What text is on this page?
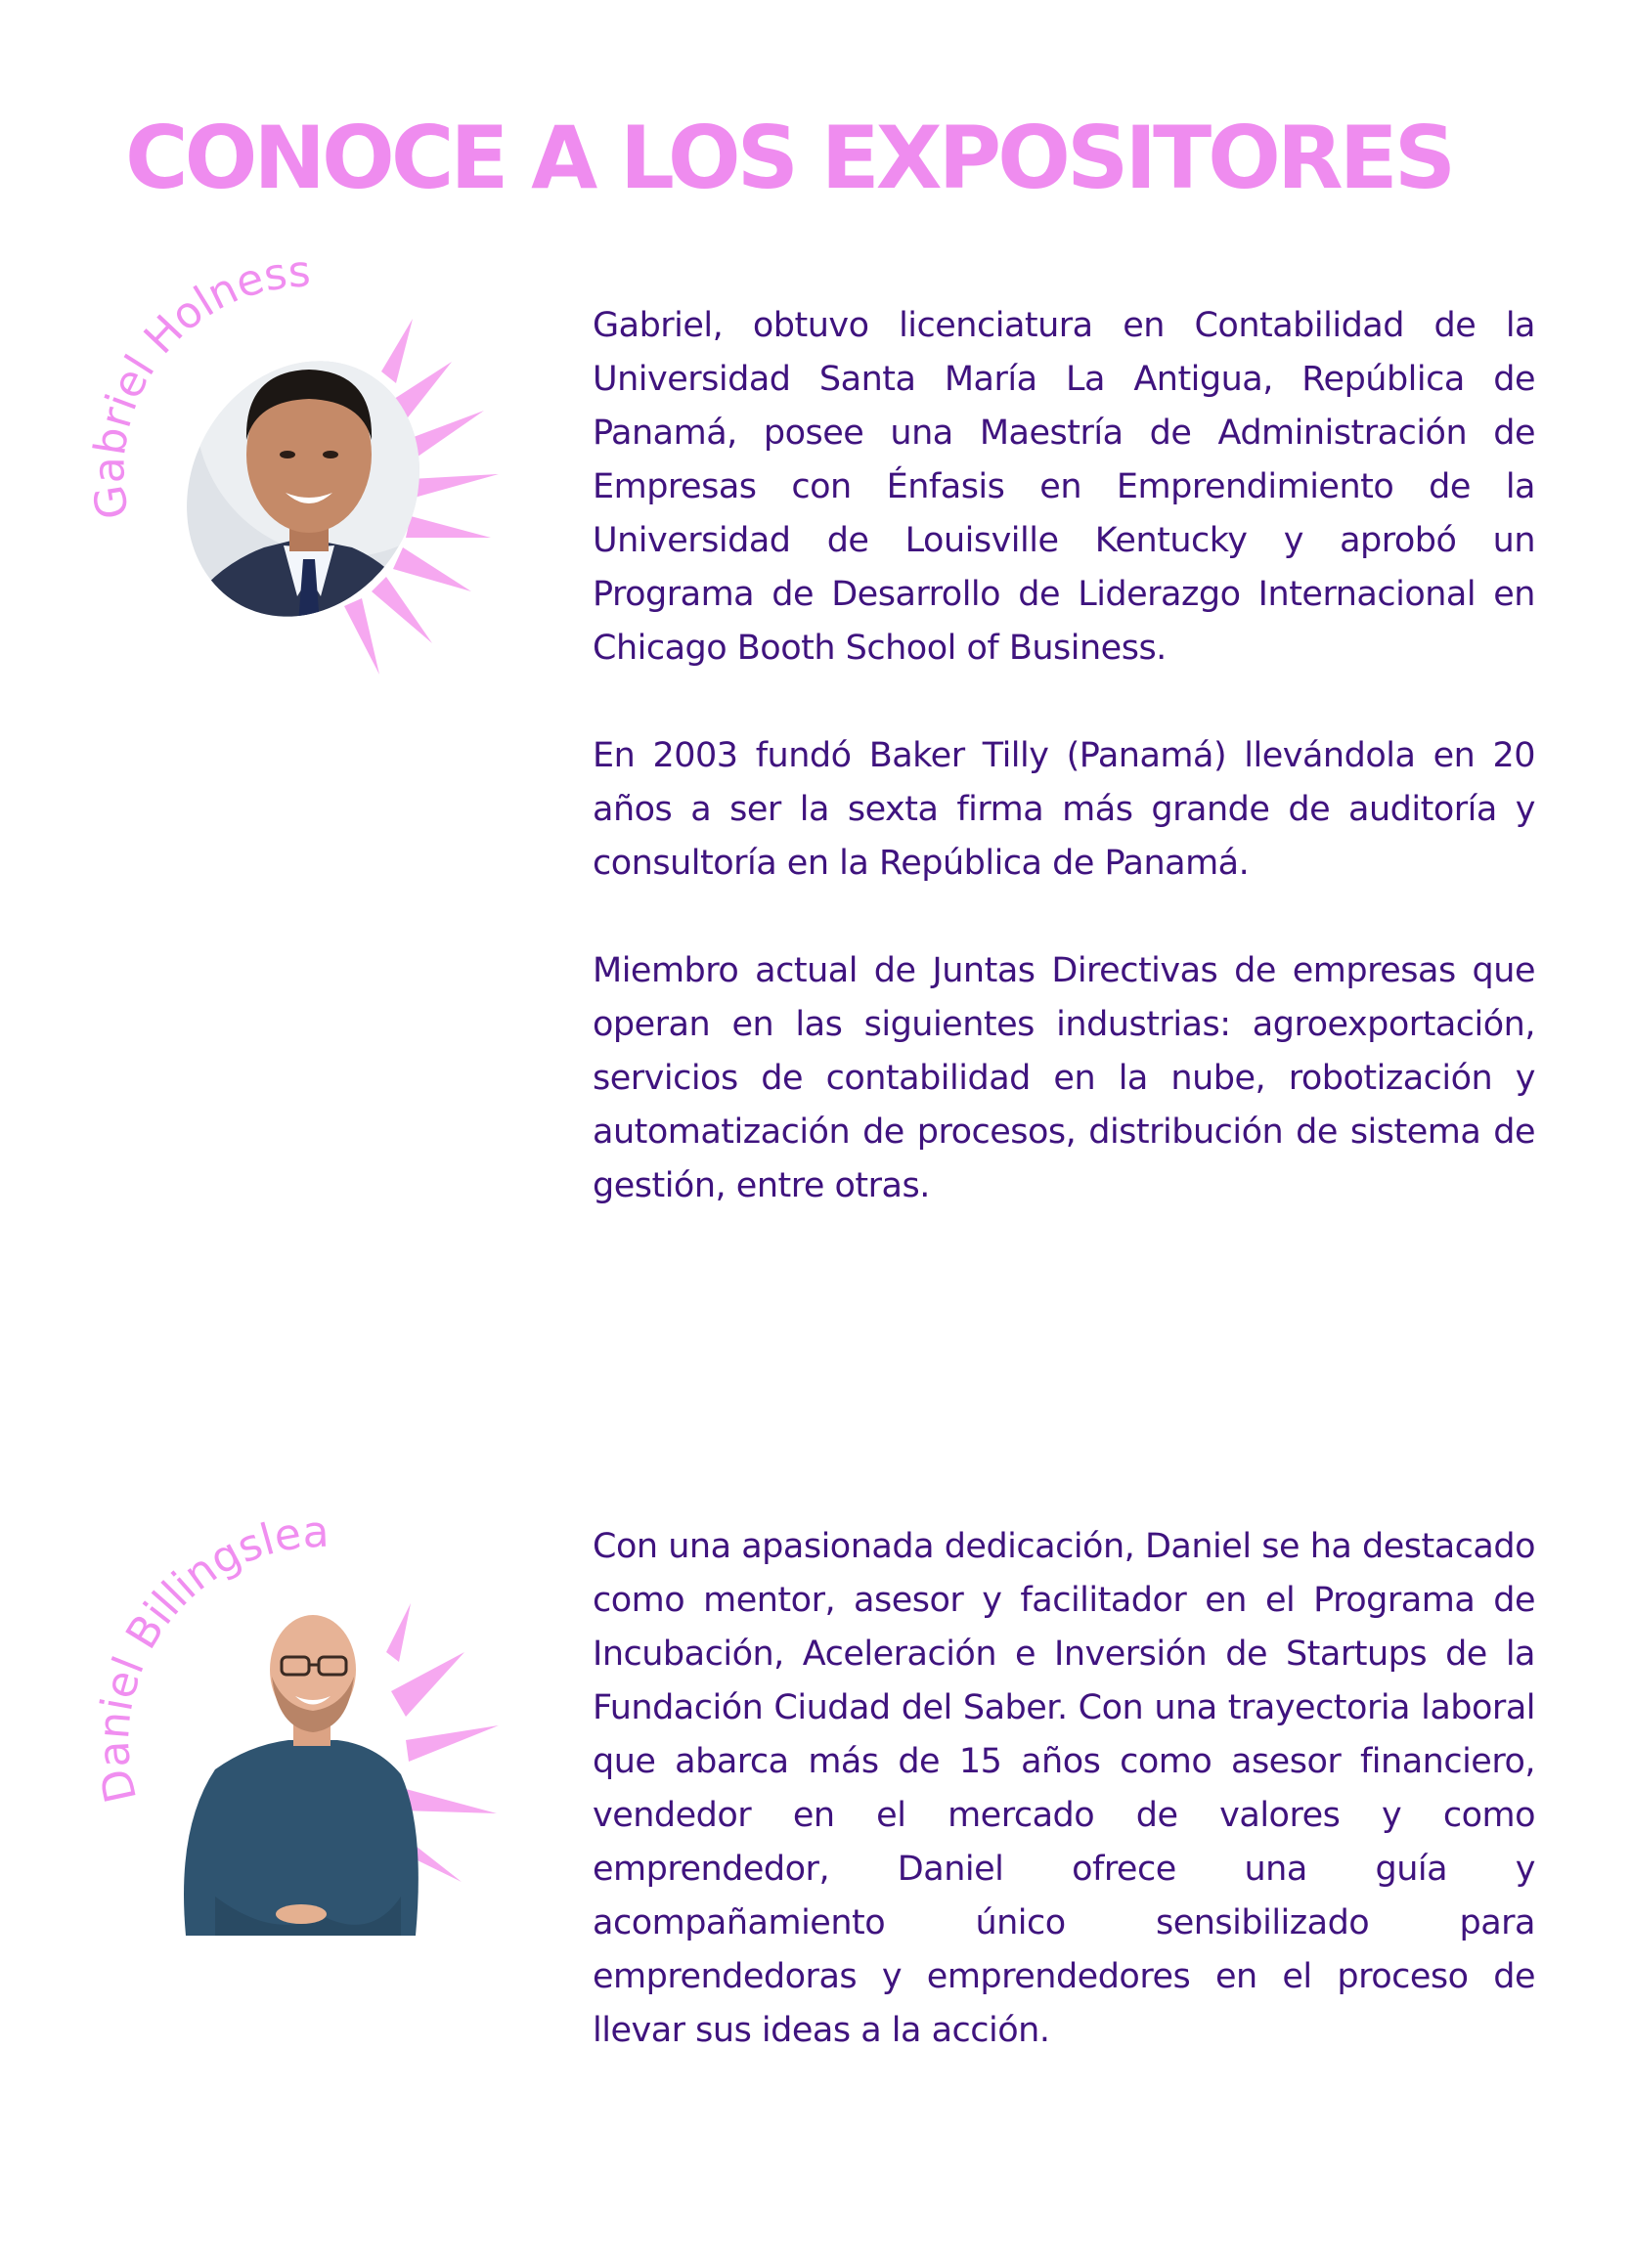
CONOCE A LOS EXPOSITORES
Gabriel Holness

Gabriel, obtuvo licenciatura en Contabilidad de la Universidad Santa María La Antigua, República de Panamá, posee una Maestría de Administración de Empresas con Énfasis en Emprendimiento de la Universidad de Louisville Kentucky y aprobó un Programa de Desarrollo de Liderazgo Internacional en Chicago Booth School of Business.

En 2003 fundó Baker Tilly (Panamá) llevándola en 20 años a ser la sexta firma más grande de auditoría y consultoría en la República de Panamá.

Miembro actual de Juntas Directivas de empresas que operan en las siguientes industrias: agroexportación, servicios de contabilidad en la nube, robotización y automatización de procesos, distribución de sistema de gestión, entre otras.

Daniel Billingslea	Con una apasionada dedicación, Daniel se ha destacado como mentor, asesor y facilitador en el Programa de Incubación, Aceleración e Inversión de Startups de la Fundación Ciudad del Saber. Con una trayectoria laboral que abarca más de 15 años como asesor financiero, vendedor en el mercado de valores y como emprendedor, Daniel ofrece una guía y acompañamiento único sensibilizado para emprendedoras y emprendedores en el proceso de llevar sus ideas a la acción.
